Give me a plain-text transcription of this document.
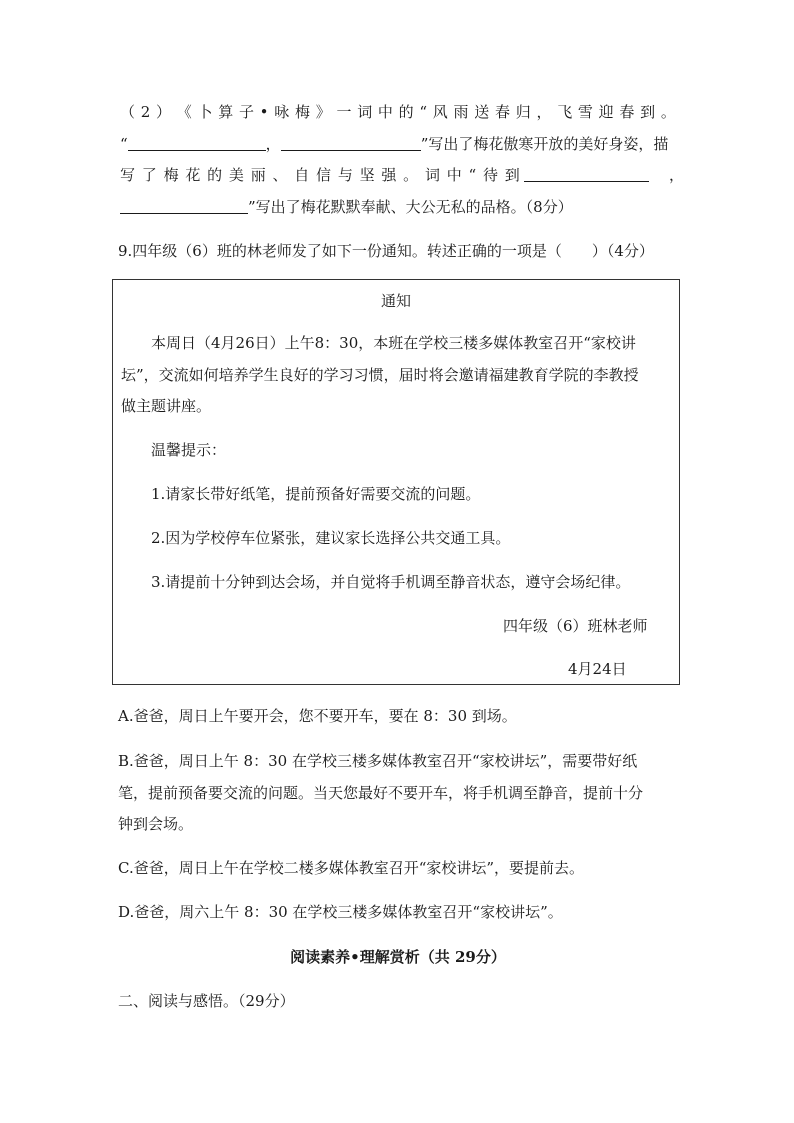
（ 2 ） 《 卜 算 子 • 咏 梅 》 一 词 中 的 “ 风 雨 送 春 归 ， 飞 雪 迎 春 到 。
“	，	”写出了梅花傲寒开放的美好身姿，描
写 了 梅 花 的 美 丽 、 自 信 与 坚 强 。 词 中 “ 待 到	，
”写出了梅花默默奉献、大公无私的品格。（8分）
9.四年级（6）班的林老师发了如下一份通知。转述正确的一项是（　　）（4分）
通知
本周日（4月26日）上午8：30，本班在学校三楼多媒体教室召开“家校讲
坛”，交流如何培养学生良好的学习习惯，届时将会邀请福建教育学院的李教授
做主题讲座。
温馨提示：
1.请家长带好纸笔，提前预备好需要交流的问题。
2.因为学校停车位紧张，建议家长选择公共交通工具。
3.请提前十分钟到达会场，并自觉将手机调至静音状态，遵守会场纪律。
四年级（6）班林老师
4月24日
A.爸爸，周日上午要开会，您不要开车，要在 8：30 到场。
B.爸爸，周日上午 8：30 在学校三楼多媒体教室召开“家校讲坛”，需要带好纸
笔，提前预备要交流的问题。当天您最好不要开车，将手机调至静音，提前十分
钟到会场。
C.爸爸，周日上午在学校二楼多媒体教室召开“家校讲坛”，要提前去。
D.爸爸，周六上午 8：30 在学校三楼多媒体教室召开“家校讲坛”。
阅读素养•理解赏析（共 29分）
二、阅读与感悟。（29分）
